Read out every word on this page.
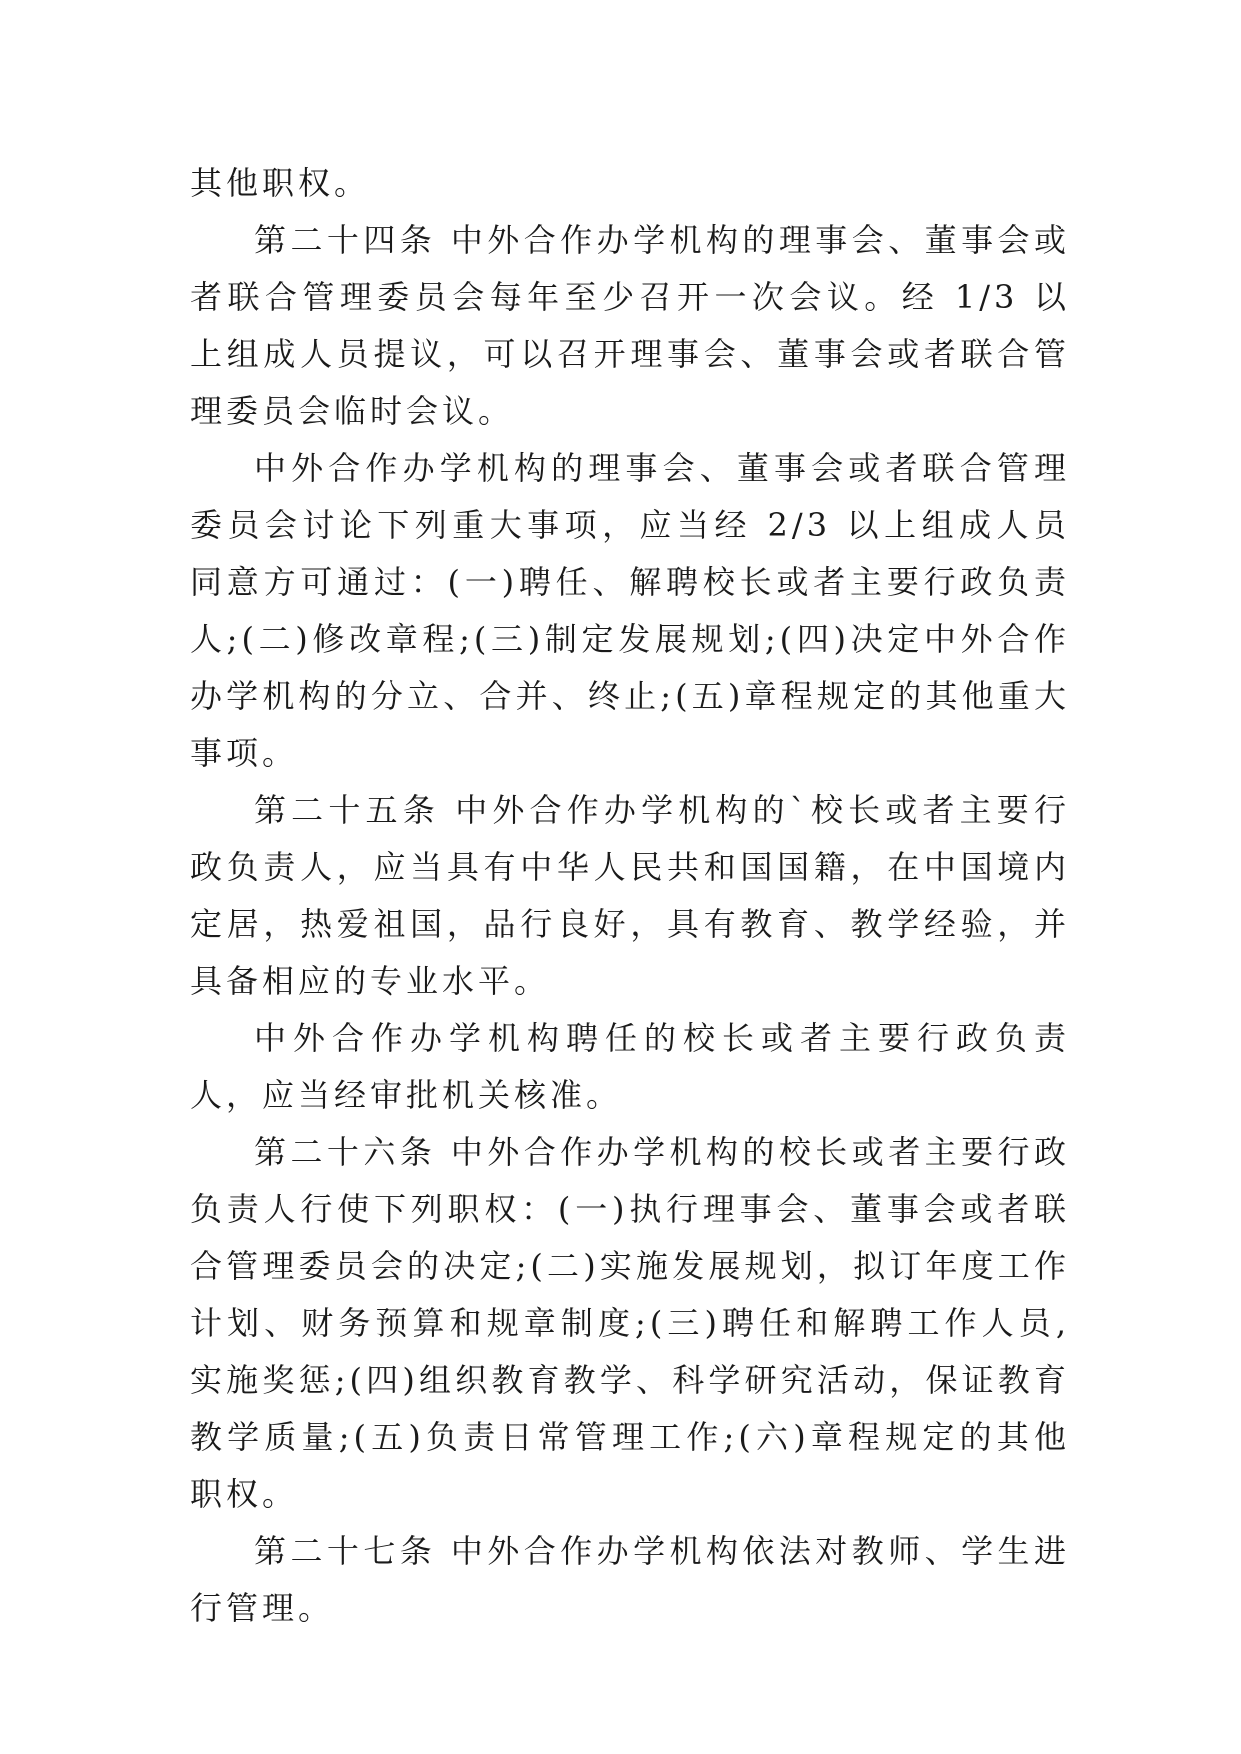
其他职权。

第二十四条 中外合作办学机构的理事会、董事会或者联合管理委员会每年至少召开一次会议。经 1/3 以上组成人员提议，可以召开理事会、董事会或者联合管理委员会临时会议。

中外合作办学机构的理事会、董事会或者联合管理委员会讨论下列重大事项，应当经 2/3 以上组成人员同意方可通过：(一)聘任、解聘校长或者主要行政负责人;(二)修改章程;(三)制定发展规划;(四)决定中外合作办学机构的分立、合并、终止;(五)章程规定的其他重大事项。

第二十五条 中外合作办学机构的`校长或者主要行政负责人，应当具有中华人民共和国国籍，在中国境内定居，热爱祖国，品行良好，具有教育、教学经验，并具备相应的专业水平。

中外合作办学机构聘任的校长或者主要行政负责人，应当经审批机关核准。

第二十六条 中外合作办学机构的校长或者主要行政负责人行使下列职权：(一)执行理事会、董事会或者联合管理委员会的决定;(二)实施发展规划，拟订年度工作计划、财务预算和规章制度;(三)聘任和解聘工作人员,实施奖惩;(四)组织教育教学、科学研究活动，保证教育教学质量;(五)负责日常管理工作;(六)章程规定的其他职权。

第二十七条 中外合作办学机构依法对教师、学生进行管理。
